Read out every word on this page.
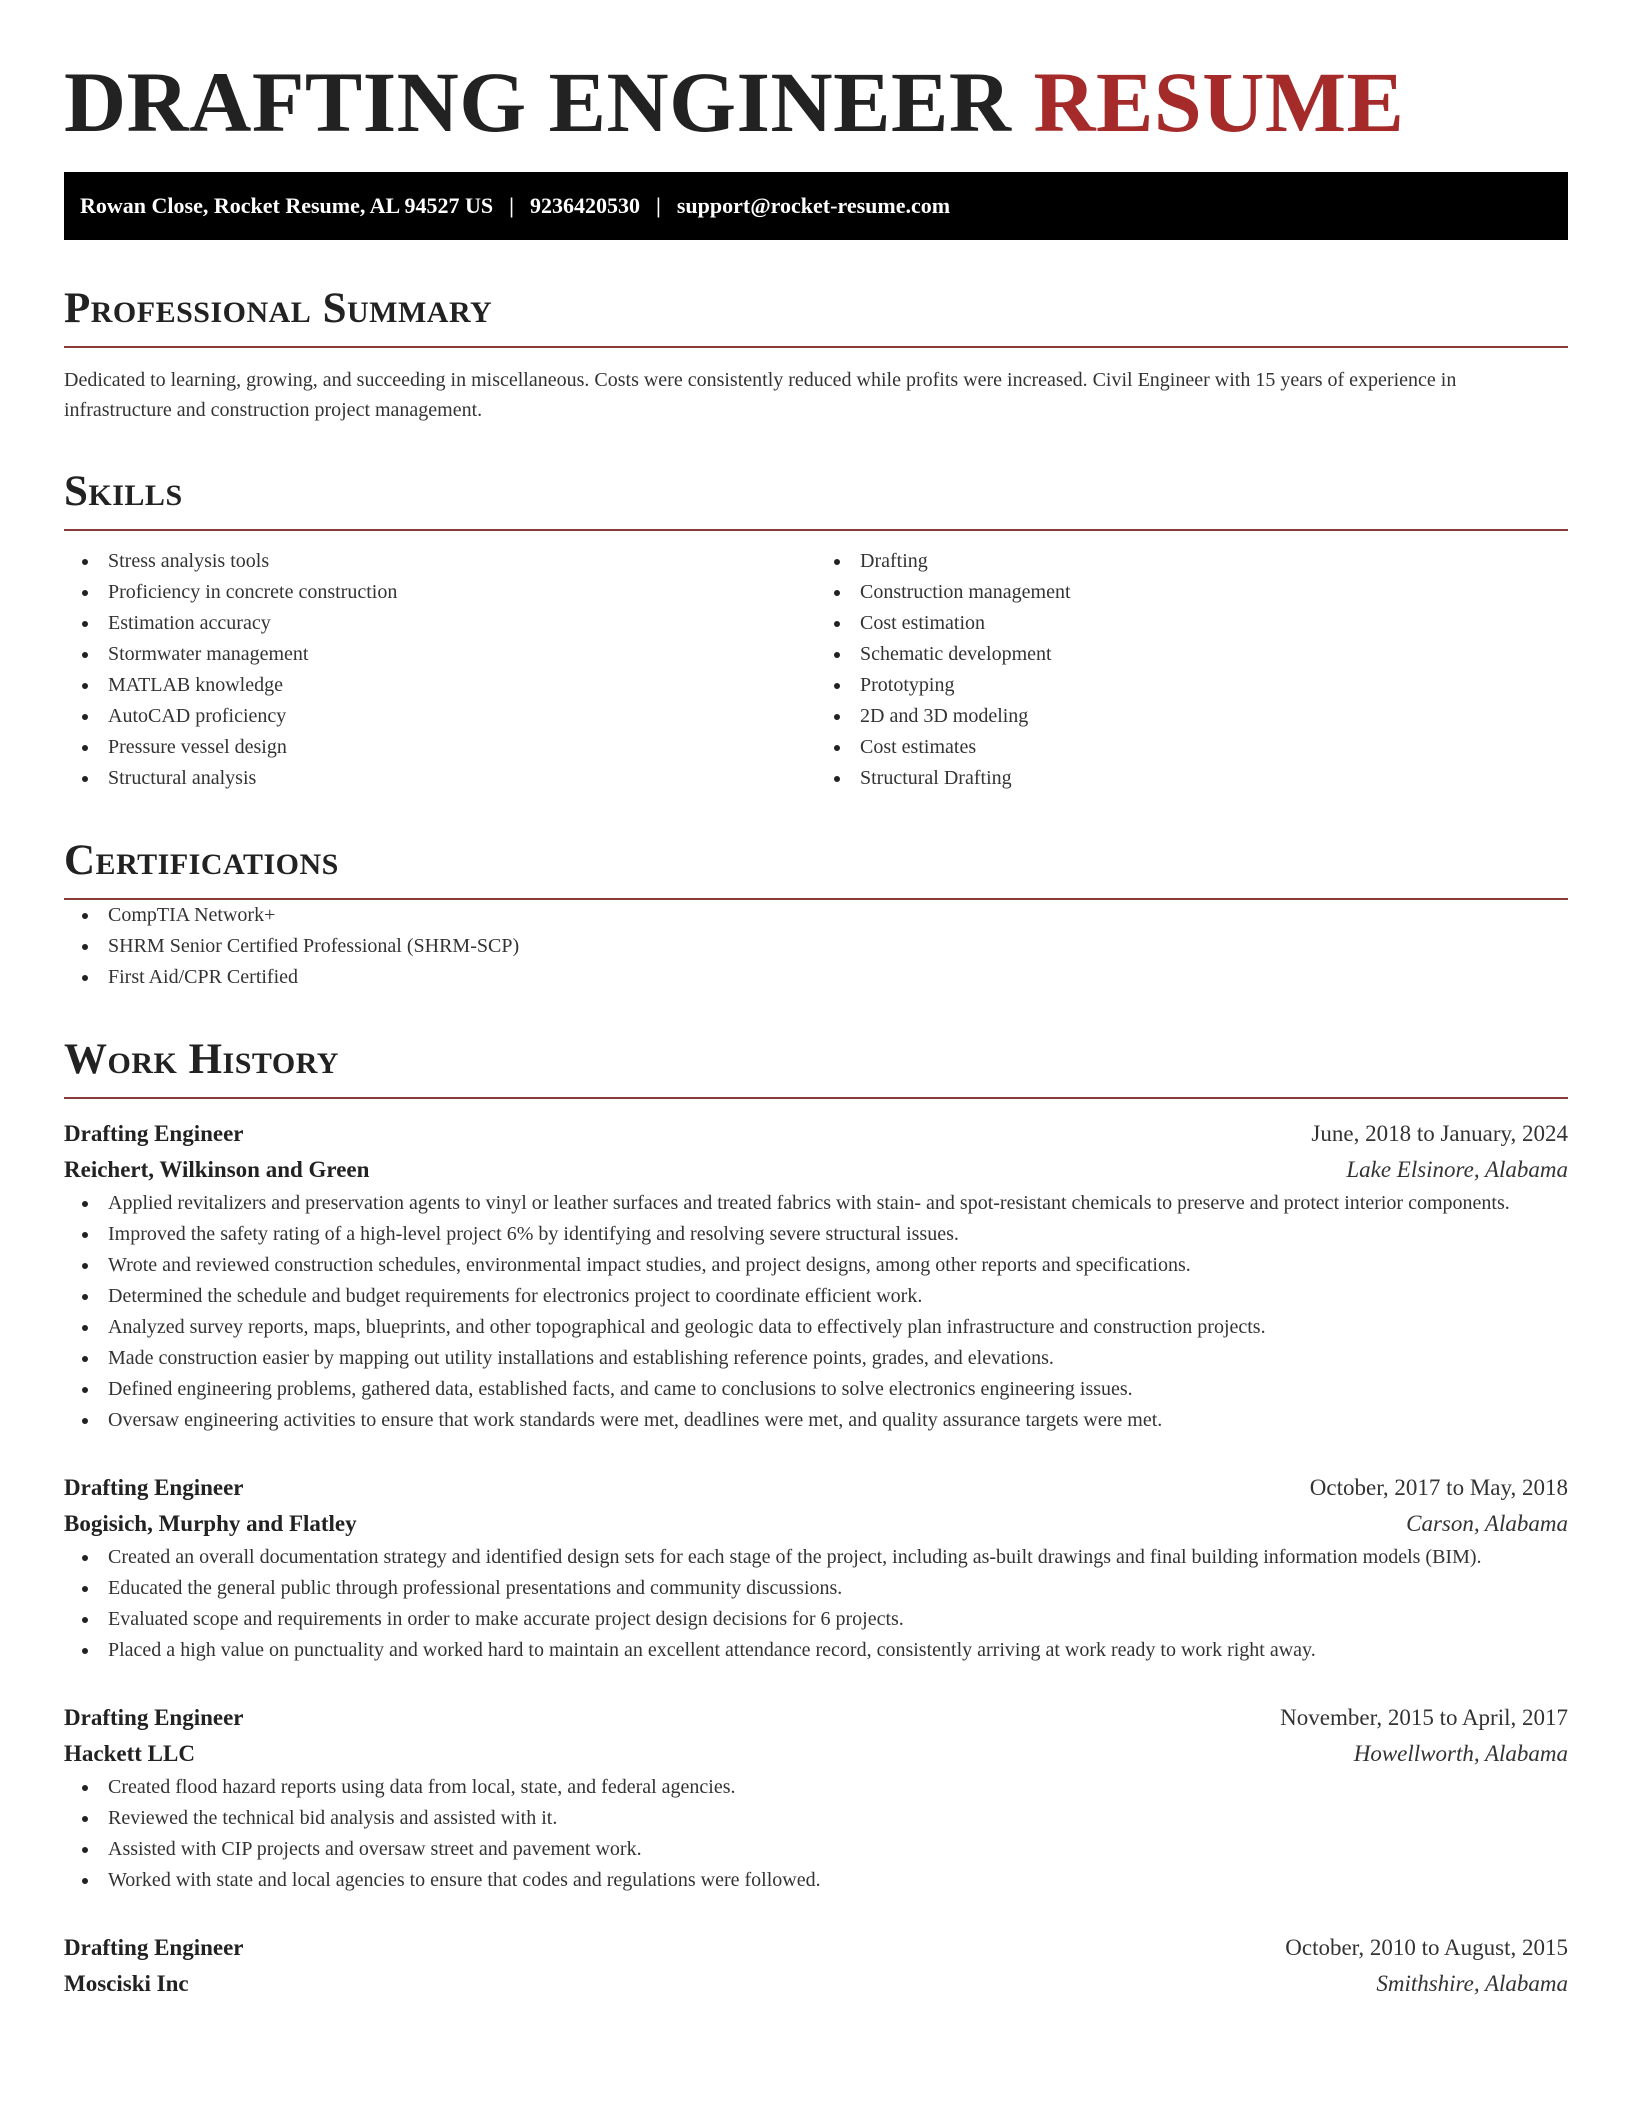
DRAFTING ENGINEER RESUME
Rowan Close, Rocket Resume, AL 94527 US | 9236420530 | support@rocket-resume.com
Professional Summary

Dedicated to learning, growing, and succeeding in miscellaneous. Costs were consistently reduced while profits were increased. Civil Engineer with 15 years of experience in infrastructure and construction project management.

Skills
Stress analysis tools
Proficiency in concrete construction
Estimation accuracy
Stormwater management
MATLAB knowledge
AutoCAD proficiency
Pressure vessel design
Structural analysis
Drafting
Construction management
Cost estimation
Schematic development
Prototyping
2D and 3D modeling
Cost estimates
Structural Drafting
Certifications
CompTIA Network+
SHRM Senior Certified Professional (SHRM-SCP)
First Aid/CPR Certified
Work History
Drafting Engineer	June, 2018 to January, 2024
Reichert, Wilkinson and Green	Lake Elsinore, Alabama
Applied revitalizers and preservation agents to vinyl or leather surfaces and treated fabrics with stain- and spot-resistant chemicals to preserve and protect interior components.
Improved the safety rating of a high-level project 6% by identifying and resolving severe structural issues.
Wrote and reviewed construction schedules, environmental impact studies, and project designs, among other reports and specifications.
Determined the schedule and budget requirements for electronics project to coordinate efficient work.
Analyzed survey reports, maps, blueprints, and other topographical and geologic data to effectively plan infrastructure and construction projects.
Made construction easier by mapping out utility installations and establishing reference points, grades, and elevations.
Defined engineering problems, gathered data, established facts, and came to conclusions to solve electronics engineering issues.
Oversaw engineering activities to ensure that work standards were met, deadlines were met, and quality assurance targets were met.
Drafting Engineer	October, 2017 to May, 2018
Bogisich, Murphy and Flatley	Carson, Alabama
Created an overall documentation strategy and identified design sets for each stage of the project, including as-built drawings and final building information models (BIM).
Educated the general public through professional presentations and community discussions.
Evaluated scope and requirements in order to make accurate project design decisions for 6 projects.
Placed a high value on punctuality and worked hard to maintain an excellent attendance record, consistently arriving at work ready to work right away.
Drafting Engineer	November, 2015 to April, 2017
Hackett LLC	Howellworth, Alabama
Created flood hazard reports using data from local, state, and federal agencies.
Reviewed the technical bid analysis and assisted with it.
Assisted with CIP projects and oversaw street and pavement work.
Worked with state and local agencies to ensure that codes and regulations were followed.
Drafting Engineer	October, 2010 to August, 2015
Mosciski Inc	Smithshire, Alabama
